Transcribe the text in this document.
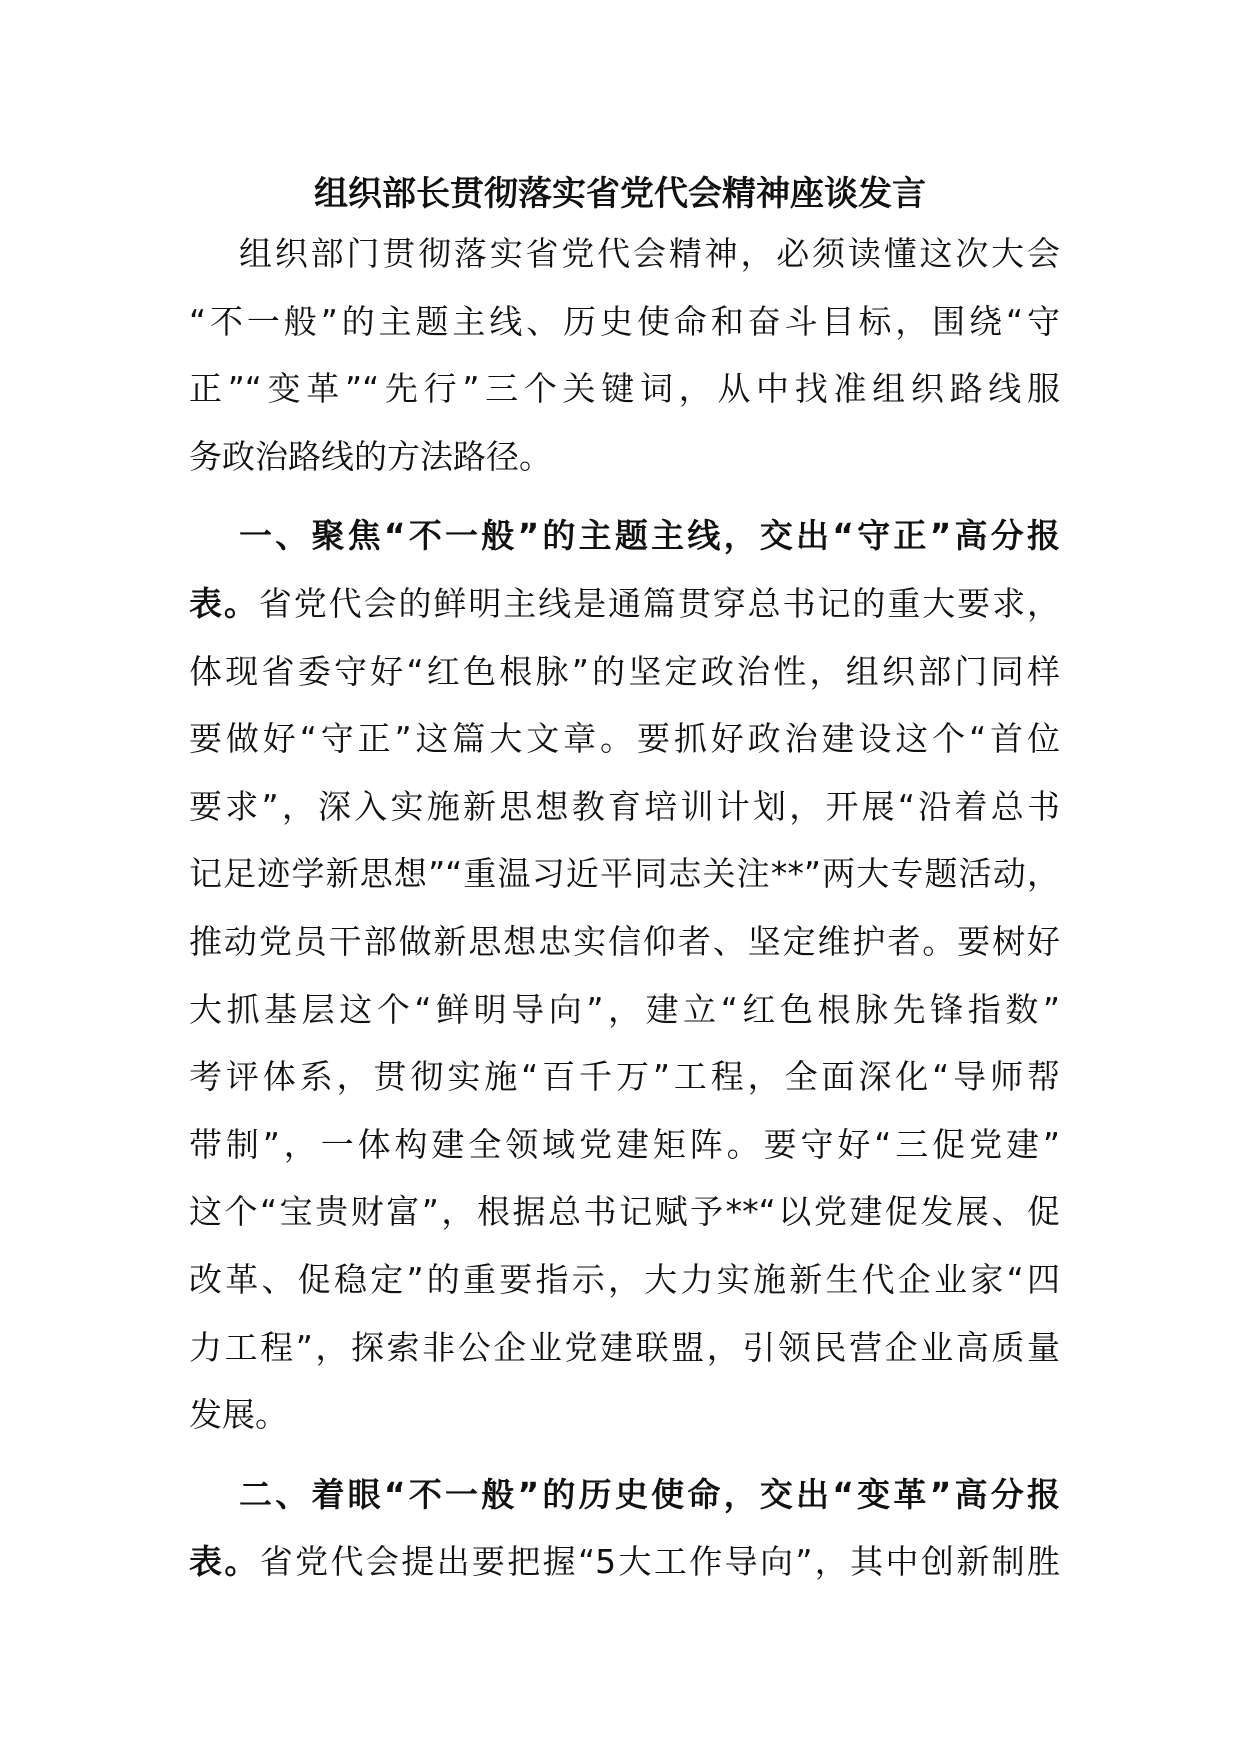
组织部长贯彻落实省党代会精神座谈发言
组织部门贯彻落实省党代会精神，必须读懂这次大会
“不一般”的主题主线、历史使命和奋斗目标，围绕“守
正”“变革”“先行”三个关键词，从中找准组织路线服
务政治路线的方法路径。
一、聚焦“不一般”的主题主线，交出“守正”高分报
表。省党代会的鲜明主线是通篇贯穿总书记的重大要求，
体现省委守好“红色根脉”的坚定政治性，组织部门同样
要做好“守正”这篇大文章。要抓好政治建设这个“首位
要求”，深入实施新思想教育培训计划，开展“沿着总书
记足迹学新思想”“重温习近平同志关注**”两大专题活动，
推动党员干部做新思想忠实信仰者、坚定维护者。要树好
大抓基层这个“鲜明导向”，建立“红色根脉先锋指数”
考评体系，贯彻实施“百千万”工程，全面深化“导师帮
带制”，一体构建全领域党建矩阵。要守好“三促党建”
这个“宝贵财富”，根据总书记赋予**“以党建促发展、促
改革、促稳定”的重要指示，大力实施新生代企业家“四
力工程”，探索非公企业党建联盟，引领民营企业高质量
发展。
二、着眼“不一般”的历史使命，交出“变革”高分报
表。省党代会提出要把握“5大工作导向”，其中创新制胜
